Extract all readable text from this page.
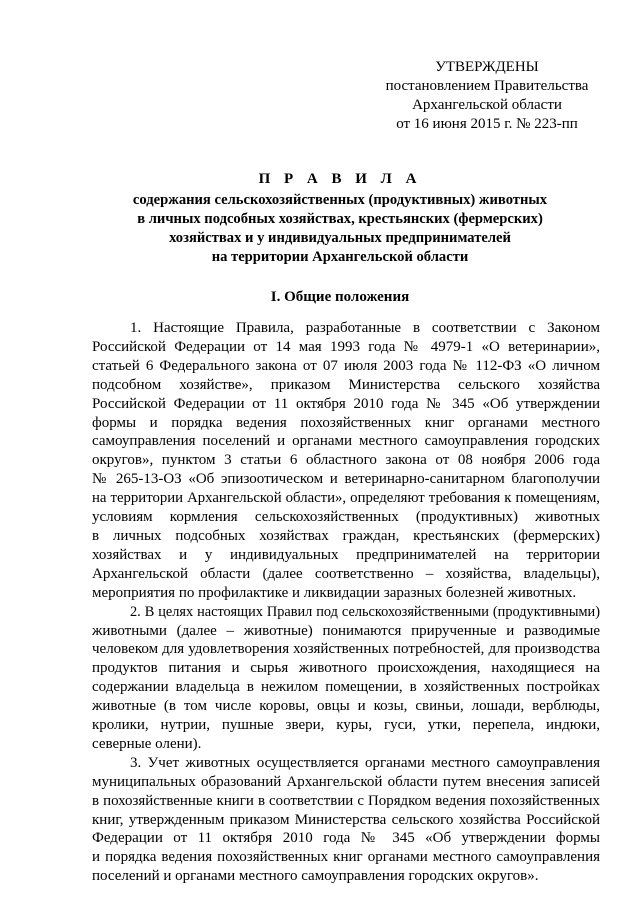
УТВЕРЖДЕНЫ
постановлением Правительства
Архангельской области
от 16 июня 2015 г. № 223-пп
П Р А В И Л А
содержания сельскохозяйственных (продуктивных) животных
в личных подсобных хозяйствах, крестьянских (фермерских)
хозяйствах и у индивидуальных предпринимателей
на территории Архангельской области
I. Общие положения
1. Настоящие Правила, разработанные в соответствии с Законом
Российской Федерации от 14 мая 1993 года № 4979-1 «О ветеринарии»,
статьей 6 Федерального закона от 07 июля 2003 года № 112-ФЗ «О личном
подсобном хозяйстве», приказом Министерства сельского хозяйства
Российской Федерации от 11 октября 2010 года № 345 «Об утверждении
формы и порядка ведения похозяйственных книг органами местного
самоуправления поселений и органами местного самоуправления городских
округов», пунктом 3 статьи 6 областного закона от 08 ноября 2006 года
№ 265-13-ОЗ «Об эпизоотическом и ветеринарно-санитарном благополучии
на территории Архангельской области», определяют требования к помещениям,
условиям кормления сельскохозяйственных (продуктивных) животных
в личных подсобных хозяйствах граждан, крестьянских (фермерских)
хозяйствах и у индивидуальных предпринимателей на территории
Архангельской области (далее соответственно – хозяйства, владельцы),
мероприятия по профилактике и ликвидации заразных болезней животных.
2. В целях настоящих Правил под сельскохозяйственными (продуктивными)
животными (далее – животные) понимаются прирученные и разводимые
человеком для удовлетворения хозяйственных потребностей, для производства
продуктов питания и сырья животного происхождения, находящиеся на
содержании владельца в нежилом помещении, в хозяйственных постройках
животные (в том числе коровы, овцы и козы, свиньи, лошади, верблюды,
кролики, нутрии, пушные звери, куры, гуси, утки, перепела, индюки,
северные олени).
3. Учет животных осуществляется органами местного самоуправления
муниципальных образований Архангельской области путем внесения записей
в похозяйственные книги в соответствии с Порядком ведения похозяйственных
книг, утвержденным приказом Министерства сельского хозяйства Российской
Федерации от 11 октября 2010 года № 345 «Об утверждении формы
и порядка ведения похозяйственных книг органами местного самоуправления
поселений и органами местного самоуправления городских округов».
